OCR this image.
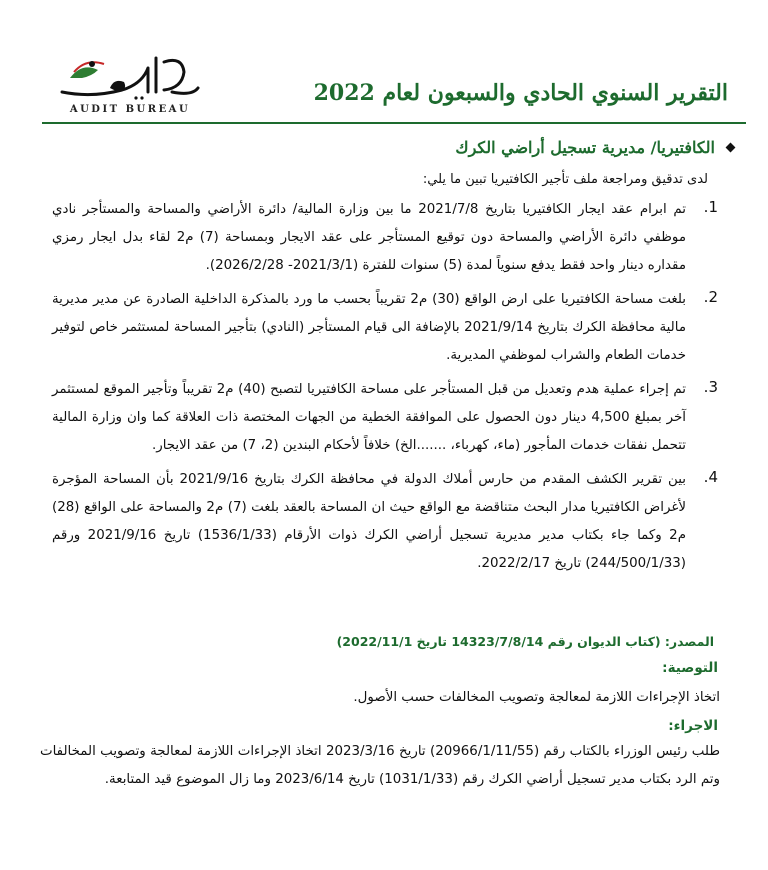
AUDIT BUREAU
التقرير السنوي الحادي والسبعون لعام 2022
الكافتيريا/ مديرية تسجيل أراضي الكرك
لدى تدقيق ومراجعة ملف تأجير الكافتيريا تبين ما يلي:
1.
تم ابرام عقد ايجار الكافتيريا بتاريخ 2021/7/8 ما بين وزارة المالية/ دائرة الأراضي والمساحة والمستأجر نادي موظفي دائرة الأراضي والمساحة دون توقيع المستأجر على عقد الايجار وبمساحة (7) م2 لقاء بدل ايجار رمزي مقداره دينار واحد فقط يدفع سنوياً لمدة (5) سنوات للفترة (2021/3/1- 2026/2/28).
2.
بلغت مساحة الكافتيريا على ارض الواقع (30) م2 تقريباً بحسب ما ورد بالمذكرة الداخلية الصادرة عن مدير مديرية مالية محافظة الكرك بتاريخ 2021/9/14 بالإضافة الى قيام المستأجر (النادي) بتأجير المساحة لمستثمر خاص لتوفير خدمات الطعام والشراب لموظفي المديرية.
3.
تم إجراء عملية هدم وتعديل من قبل المستأجر على مساحة الكافتيريا لتصبح (40) م2 تقريباً وتأجير الموقع لمستثمر آخر بمبلغ 4,500 دينار دون الحصول على الموافقة الخطية من الجهات المختصة ذات العلاقة كما وان وزارة المالية تتحمل نفقات خدمات المأجور (ماء، كهرباء، .......الخ) خلافاً لأحكام البندين (2، 7) من عقد الايجار.
4.
بين تقرير الكشف المقدم من حارس أملاك الدولة في محافظة الكرك بتاريخ 2021/9/16 بأن المساحة المؤجرة لأغراض الكافتيريا مدار البحث متناقضة مع الواقع حيث ان المساحة بالعقد بلغت (7) م2 والمساحة على الواقع (28) م2 وكما جاء بكتاب مدير مديرية تسجيل أراضي الكرك ذوات الأرقام (1536/1/33) تاريخ 2021/9/16 ورقم (244/500/1/33) تاريخ 2022/2/17.
المصدر: (كتاب الديوان رقم 14323/7/8/14 تاريخ 2022/11/1)
التوصية:
اتخاذ الإجراءات اللازمة لمعالجة وتصويب المخالفات حسب الأصول.
الاجراء:
طلب رئيس الوزراء بالكتاب رقم (20966/1/11/55) تاريخ 2023/3/16 اتخاذ الإجراءات اللازمة لمعالجة وتصويب المخالفات وتم الرد بكتاب مدير تسجيل أراضي الكرك رقم (1031/1/33) تاريخ 2023/6/14 وما زال الموضوع قيد المتابعة.
